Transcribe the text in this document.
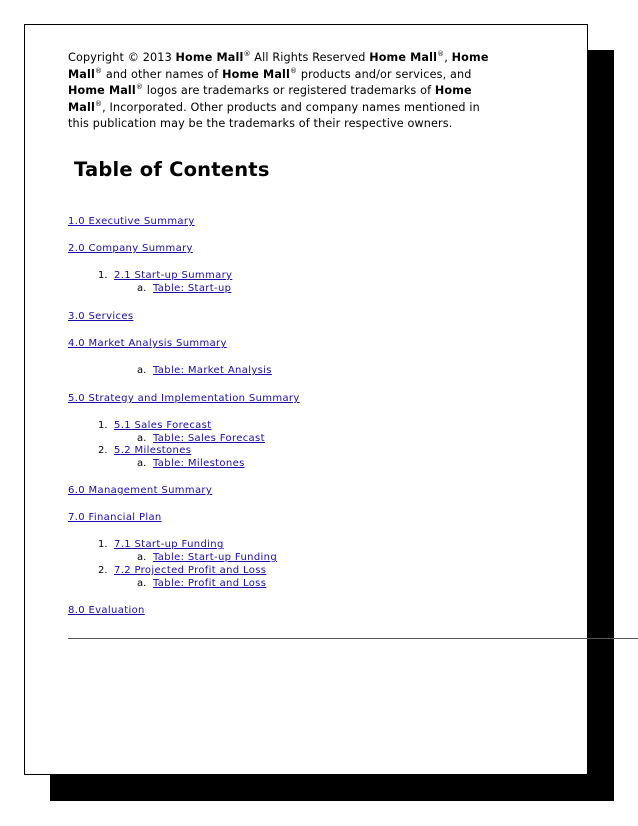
Copyright © 2013 Home Mall® All Rights Reserved Home Mall®, Home
Mall® and other names of Home Mall® products and/or services, and
Home Mall® logos are trademarks or registered trademarks of Home
Mall®, Incorporated. Other products and company names mentioned in
this publication may be the trademarks of their respective owners.
Table of Contents
1.0 Executive Summary
2.0 Company Summary
1. 2.1 Start-up Summary
a. Table: Start-up
3.0 Services
4.0 Market Analysis Summary
a. Table: Market Analysis
5.0 Strategy and Implementation Summary
1. 5.1 Sales Forecast
a. Table: Sales Forecast
2. 5.2 Milestones
a. Table: Milestones
6.0 Management Summary
7.0 Financial Plan
1. 7.1 Start-up Funding
a. Table: Start-up Funding
2. 7.2 Projected Profit and Loss
a. Table: Profit and Loss
8.0 Evaluation
